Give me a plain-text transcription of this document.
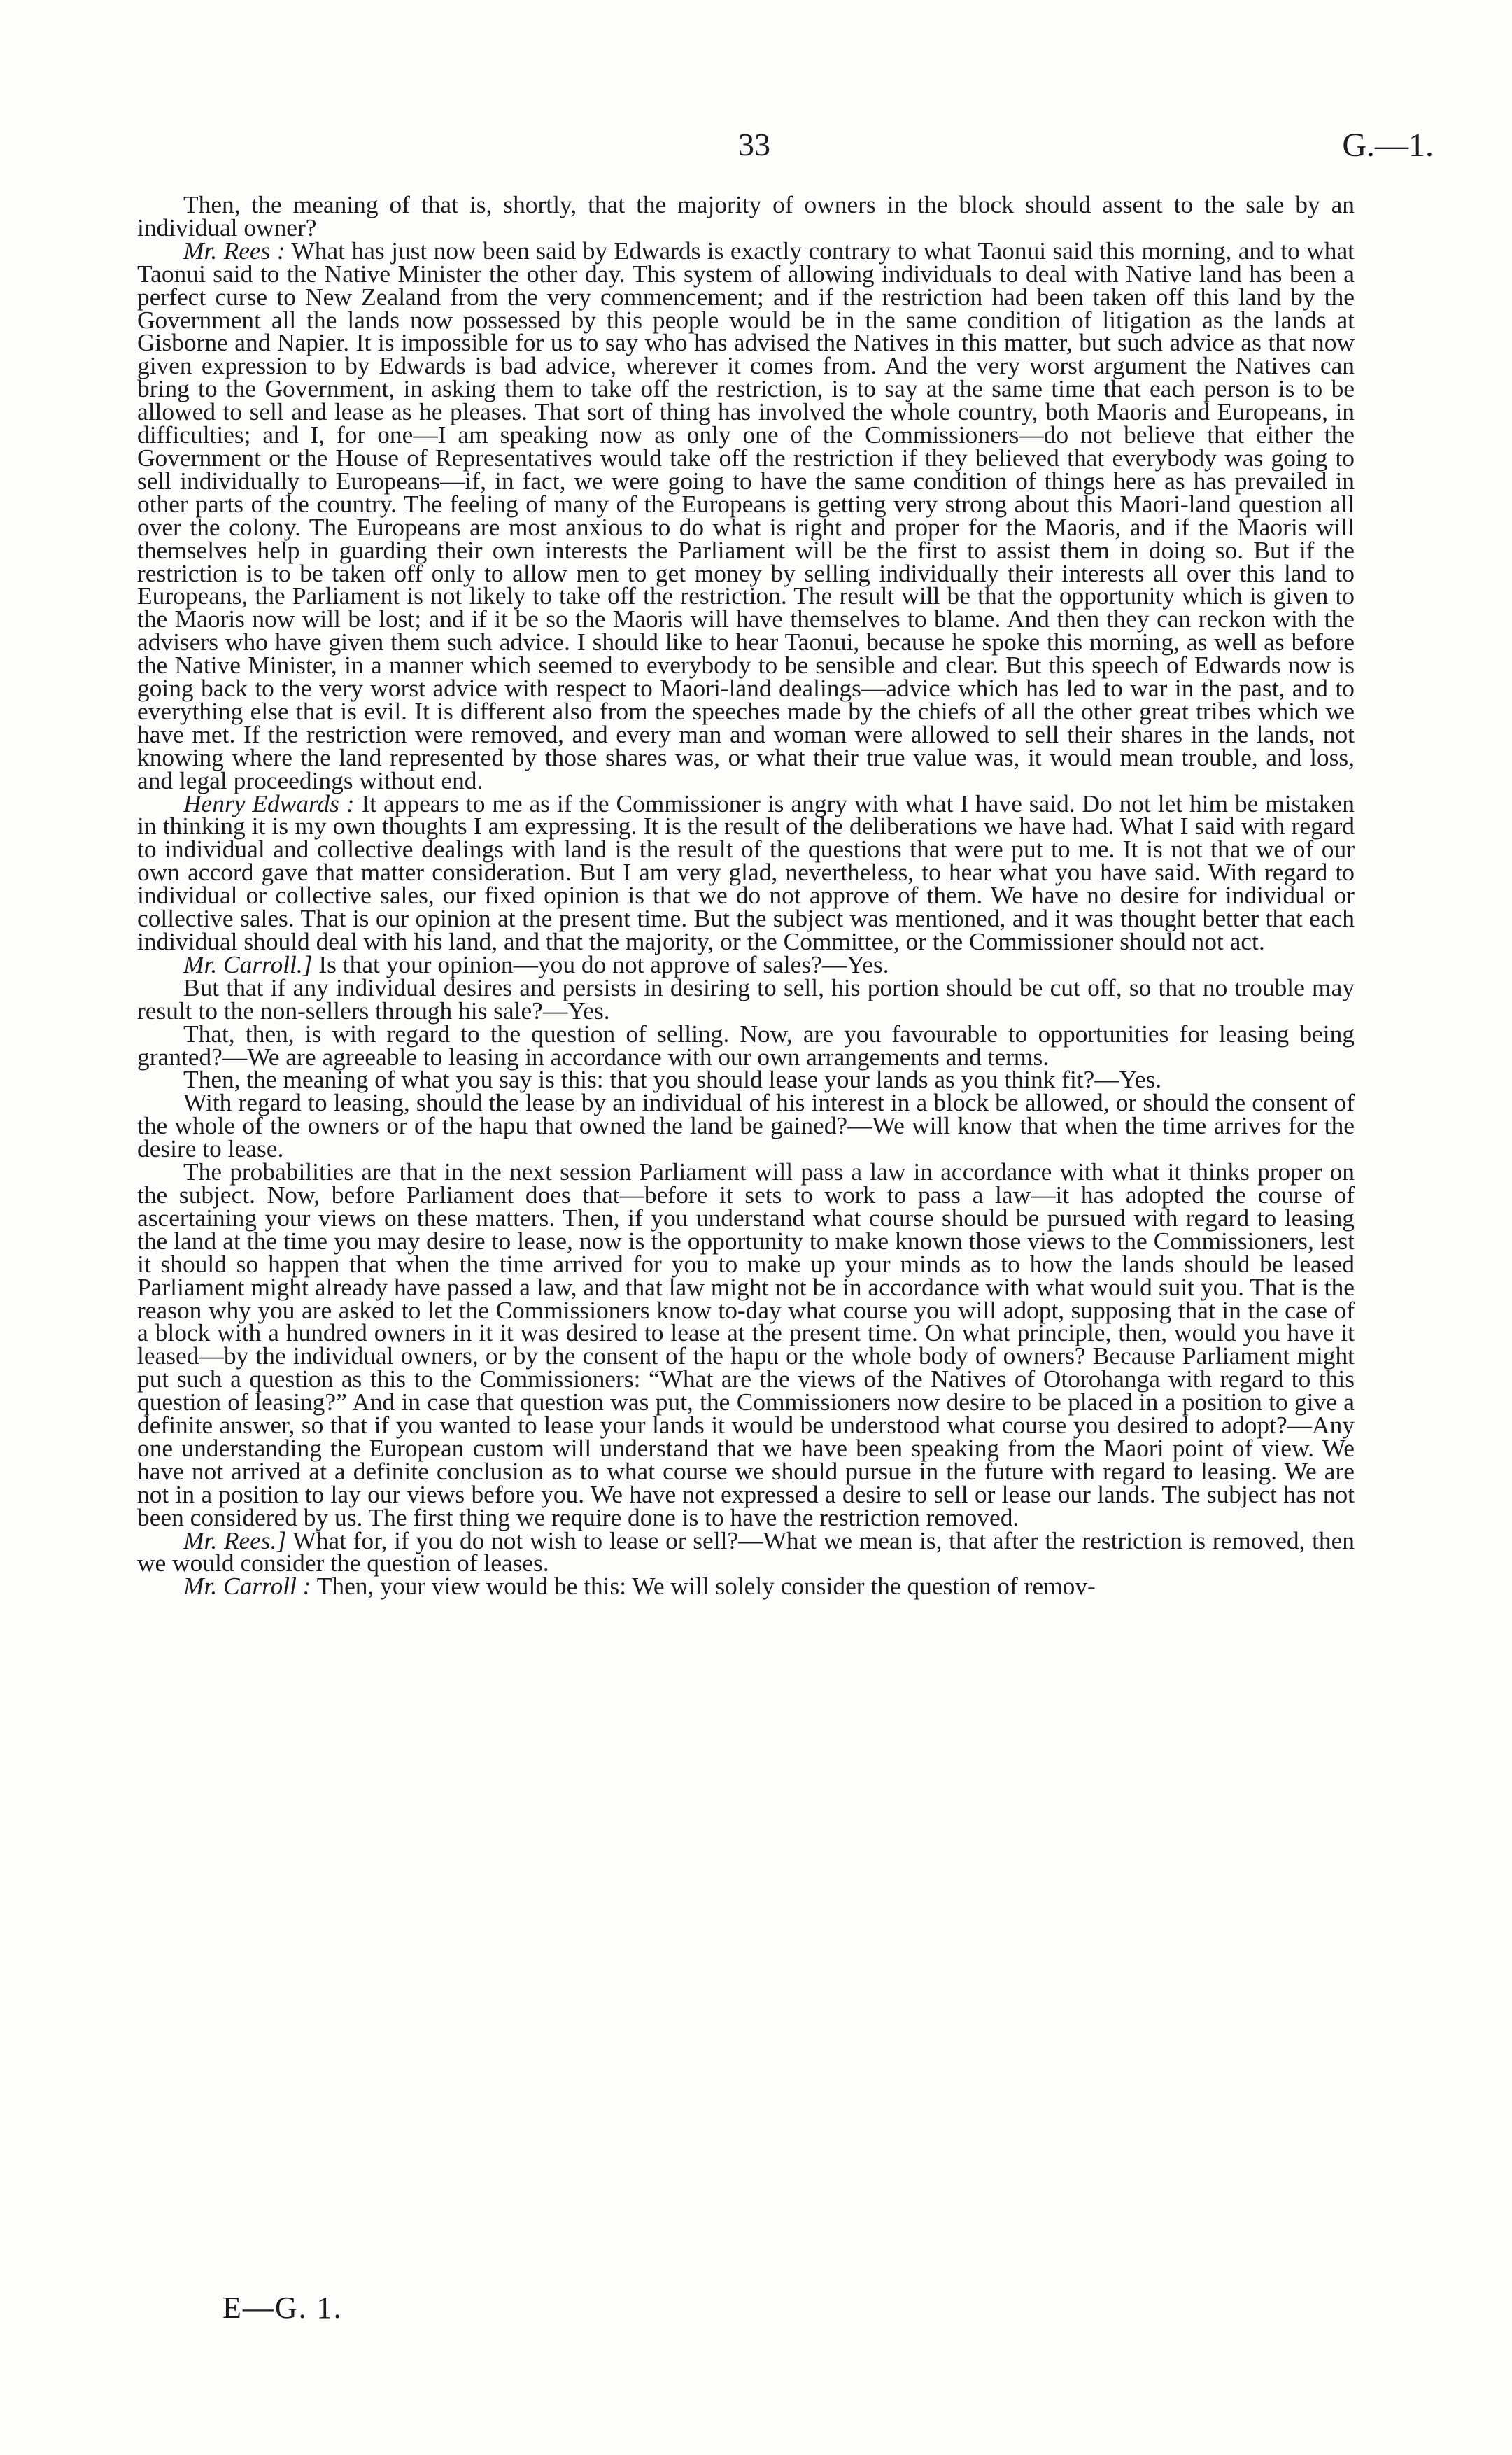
33	G.—1.

Then, the meaning of that is, shortly, that the majority of owners in the block should assent to the sale by an individual owner?

Mr. Rees : What has just now been said by Edwards is exactly contrary to what Taonui said this morning, and to what Taonui said to the Native Minister the other day. This system of allowing individuals to deal with Native land has been a perfect curse to New Zealand from the very commencement; and if the restriction had been taken off this land by the Government all the lands now possessed by this people would be in the same condition of litigation as the lands at Gisborne and Napier. It is impossible for us to say who has advised the Natives in this matter, but such advice as that now given expression to by Edwards is bad advice, wherever it comes from. And the very worst argument the Natives can bring to the Government, in asking them to take off the restriction, is to say at the same time that each person is to be allowed to sell and lease as he pleases. That sort of thing has involved the whole country, both Maoris and Europeans, in difficulties; and I, for one—I am speaking now as only one of the Commissioners—do not believe that either the Government or the House of Representatives would take off the restriction if they believed that everybody was going to sell individually to Europeans—if, in fact, we were going to have the same condition of things here as has prevailed in other parts of the country. The feeling of many of the Europeans is getting very strong about this Maori-land question all over the colony. The Europeans are most anxious to do what is right and proper for the Maoris, and if the Maoris will themselves help in guarding their own interests the Parliament will be the first to assist them in doing so. But if the restriction is to be taken off only to allow men to get money by selling individually their interests all over this land to Europeans, the Parliament is not likely to take off the restriction. The result will be that the opportunity which is given to the Maoris now will be lost; and if it be so the Maoris will have themselves to blame. And then they can reckon with the advisers who have given them such advice. I should like to hear Taonui, because he spoke this morning, as well as before the Native Minister, in a manner which seemed to everybody to be sensible and clear. But this speech of Edwards now is going back to the very worst advice with respect to Maori-land dealings—advice which has led to war in the past, and to everything else that is evil. It is different also from the speeches made by the chiefs of all the other great tribes which we have met. If the restriction were removed, and every man and woman were allowed to sell their shares in the lands, not knowing where the land represented by those shares was, or what their true value was, it would mean trouble, and loss, and legal proceedings without end.

Henry Edwards : It appears to me as if the Commissioner is angry with what I have said. Do not let him be mistaken in thinking it is my own thoughts I am expressing. It is the result of the deliberations we have had. What I said with regard to individual and collective dealings with land is the result of the questions that were put to me. It is not that we of our own accord gave that matter consideration. But I am very glad, nevertheless, to hear what you have said. With regard to individual or collective sales, our fixed opinion is that we do not approve of them. We have no desire for individual or collective sales. That is our opinion at the present time. But the subject was mentioned, and it was thought better that each individual should deal with his land, and that the majority, or the Committee, or the Commissioner should not act.

Mr. Carroll.] Is that your opinion—you do not approve of sales?—Yes.

But that if any individual desires and persists in desiring to sell, his portion should be cut off, so that no trouble may result to the non-sellers through his sale?—Yes.

That, then, is with regard to the question of selling. Now, are you favourable to opportunities for leasing being granted?—We are agreeable to leasing in accordance with our own arrangements and terms.

Then, the meaning of what you say is this: that you should lease your lands as you think fit?—Yes.

With regard to leasing, should the lease by an individual of his interest in a block be allowed, or should the consent of the whole of the owners or of the hapu that owned the land be gained?—We will know that when the time arrives for the desire to lease.

The probabilities are that in the next session Parliament will pass a law in accordance with what it thinks proper on the subject. Now, before Parliament does that—before it sets to work to pass a law—it has adopted the course of ascertaining your views on these matters. Then, if you understand what course should be pursued with regard to leasing the land at the time you may desire to lease, now is the opportunity to make known those views to the Commissioners, lest it should so happen that when the time arrived for you to make up your minds as to how the lands should be leased Parliament might already have passed a law, and that law might not be in accordance with what would suit you. That is the reason why you are asked to let the Commissioners know to-day what course you will adopt, supposing that in the case of a block with a hundred owners in it it was desired to lease at the present time. On what principle, then, would you have it leased—by the individual owners, or by the consent of the hapu or the whole body of owners? Because Parliament might put such a question as this to the Commissioners: “What are the views of the Natives of Otorohanga with regard to this question of leasing?” And in case that question was put, the Commissioners now desire to be placed in a position to give a definite answer, so that if you wanted to lease your lands it would be understood what course you desired to adopt?—Any one understanding the European custom will understand that we have been speaking from the Maori point of view. We have not arrived at a definite conclusion as to what course we should pursue in the future with regard to leasing. We are not in a position to lay our views before you. We have not expressed a desire to sell or lease our lands. The subject has not been considered by us. The first thing we require done is to have the restriction removed.

Mr. Rees.] What for, if you do not wish to lease or sell?—What we mean is, that after the restriction is removed, then we would consider the question of leases.

Mr. Carroll : Then, your view would be this: We will solely consider the question of remov-

E—G. 1.
